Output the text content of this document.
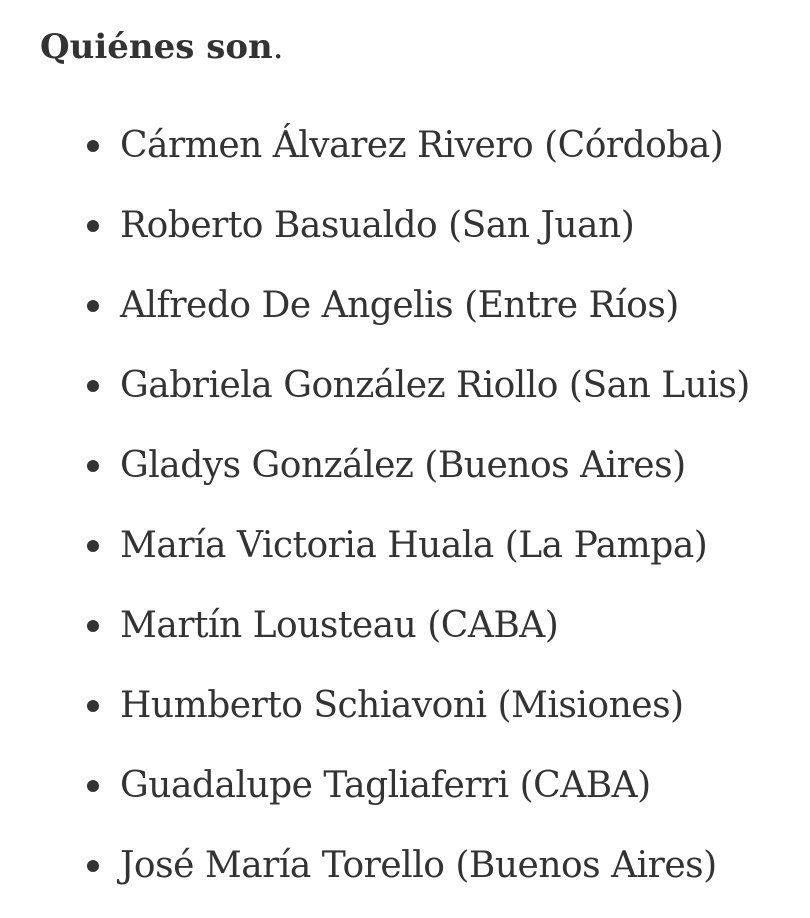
Quiénes son.
Cármen Álvarez Rivero (Córdoba)
Roberto Basualdo (San Juan)
Alfredo De Angelis (Entre Ríos)
Gabriela González Riollo (San Luis)
Gladys González (Buenos Aires)
María Victoria Huala (La Pampa)
Martín Lousteau (CABA)
Humberto Schiavoni (Misiones)
Guadalupe Tagliaferri (CABA)
José María Torello (Buenos Aires)
